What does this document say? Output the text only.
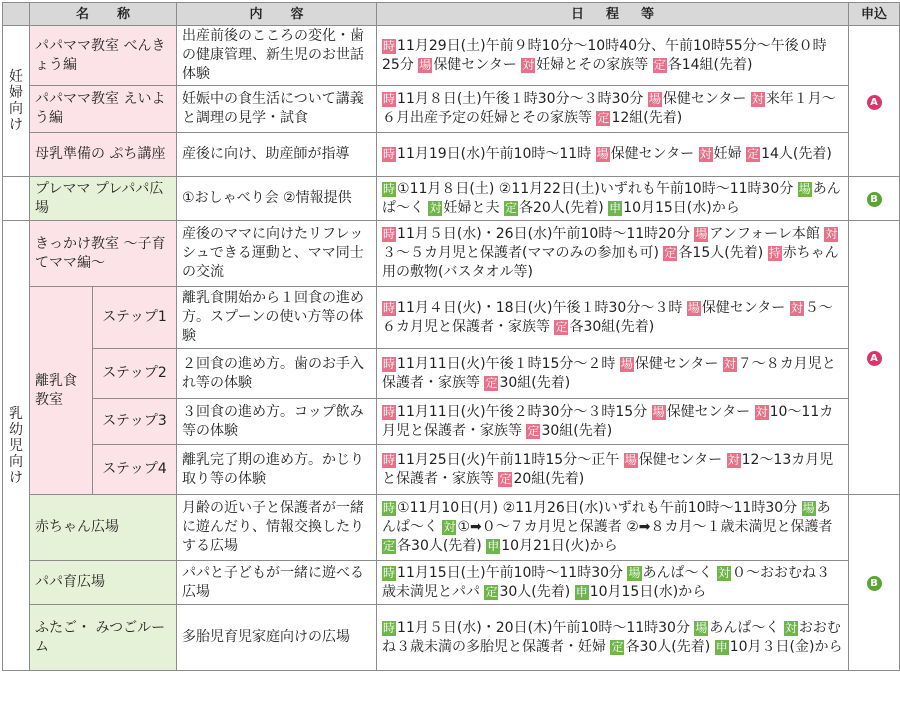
	名称		内容	日程等	申込
妊婦向け	パパママ教室 べんきょう編		出産前後のこころの変化・歯の健康管理、新生児のお世話体験	時 11月29日(土)午前９時10分～10時40分、午前10時55分～午後０時25分 場 保健センター 対 妊婦とその家族等 定 各14組(先着)	A
	パパママ教室 えいよう編		妊娠中の食生活について講義と調理の見学・試食	時 11月８日(土)午後１時30分～３時30分 場 保健センター 対 来年１月～６月出産予定の妊婦とその家族等 定 12組(先着)	
	母乳準備の ぷち講座		産後に向け、助産師が指導	時 11月19日(水)午前10時～11時 場 保健センター 対 妊婦 定 14人(先着)	
	プレママ プレパパ広場		①おしゃべり会 ②情報提供	時 ①11月８日(土) ②11月22日(土)いずれも午前10時～11時30分 場 あんぱ～く 対 妊婦と夫 定 各20人(先着) 申 10月15日(水)から	B
乳幼児向け	きっかけ教室 ～子育てママ編～		産後のママに向けたリフレッシュできる運動と、ママ同士の交流	時 11月５日(水)・26日(水)午前10時～11時20分 場 アンフォーレ本館 対３～５カ月児と保護者(ママのみの参加も可) 定 各15人(先着) 持 赤ちゃん用の敷物(バスタオル等)	A
	離乳食教室	ステップ1	離乳食開始から１回食の進め方。スプーンの使い方等の体験	時 11月４日(火)・18日(火)午後１時30分～３時 場 保健センター 対 ５～６カ月児と保護者・家族等 定 各30組(先着)	
		ステップ2	２回食の進め方。歯のお手入れ等の体験	時 11月11日(火)午後１時15分～２時 場 保健センター 対 ７～８カ月児と保護者・家族等 定 30組(先着)	
		ステップ3	３回食の進め方。コップ飲み等の体験	時 11月11日(火)午後２時30分～３時15分 場 保健センター 対 10～11カ月児と保護者・家族等 定 30組(先着)	
		ステップ4	離乳完了期の進め方。かじり取り等の体験	時 11月25日(火)午前11時15分～正午 場 保健センター 対 12～13カ月児と保護者・家族等 定 20組(先着)	
	赤ちゃん広場		月齢の近い子と保護者が一緒に遊んだり、情報交換したりする広場	時 ①11月10日(月) ②11月26日(水)いずれも午前10時～11時30分 場 あんぱ～く 対 ①➡０～７カ月児と保護者 ②➡８カ月～１歳未満児と保護者 定 各30人(先着) 申 10月21日(火)から	B
	パパ育広場		パパと子どもが一緒に遊べる広場	時 11月15日(土)午前10時～11時30分 場 あんぱ～く 対 ０～おおむね３歳未満児とパパ 定 30人(先着) 申 10月15日(水)から	
	ふたご・ みつごルーム		多胎児育児家庭向けの広場	時 11月５日(水)・20日(木)午前10時～11時30分 場 あんぱ～く 対 おおむね３歳未満の多胎児と保護者・妊婦 定 各30人(先着) 申 10月３日(金)から	
